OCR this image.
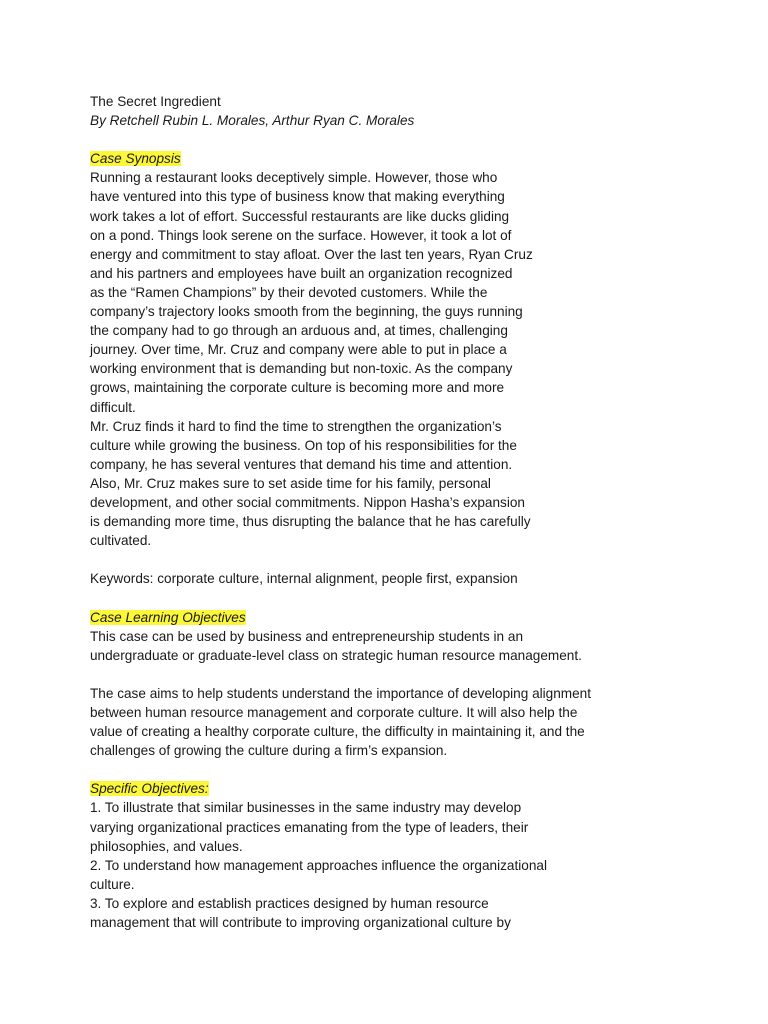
The Secret Ingredient
By Retchell Rubin L. Morales, Arthur Ryan C. Morales
Case Synopsis
Running a restaurant looks deceptively simple. However, those who
have ventured into this type of business know that making everything
work takes a lot of effort. Successful restaurants are like ducks gliding
on a pond. Things look serene on the surface. However, it took a lot of
energy and commitment to stay afloat. Over the last ten years, Ryan Cruz
and his partners and employees have built an organization recognized
as the “Ramen Champions” by their devoted customers. While the
company’s trajectory looks smooth from the beginning, the guys running
the company had to go through an arduous and, at times, challenging
journey. Over time, Mr. Cruz and company were able to put in place a
working environment that is demanding but non-toxic. As the company
grows, maintaining the corporate culture is becoming more and more
difficult.
Mr. Cruz finds it hard to find the time to strengthen the organization’s
culture while growing the business. On top of his responsibilities for the
company, he has several ventures that demand his time and attention.
Also, Mr. Cruz makes sure to set aside time for his family, personal
development, and other social commitments. Nippon Hasha’s expansion
is demanding more time, thus disrupting the balance that he has carefully
cultivated.
Keywords: corporate culture, internal alignment, people first, expansion
Case Learning Objectives
This case can be used by business and entrepreneurship students in an
undergraduate or graduate-level class on strategic human resource management.
The case aims to help students understand the importance of developing alignment
between human resource management and corporate culture. It will also help the
value of creating a healthy corporate culture, the difficulty in maintaining it, and the
challenges of growing the culture during a firm’s expansion.
Specific Objectives:
1. To illustrate that similar businesses in the same industry may develop
varying organizational practices emanating from the type of leaders, their
philosophies, and values.
2. To understand how management approaches influence the organizational
culture.
3. To explore and establish practices designed by human resource
management that will contribute to improving organizational culture by
